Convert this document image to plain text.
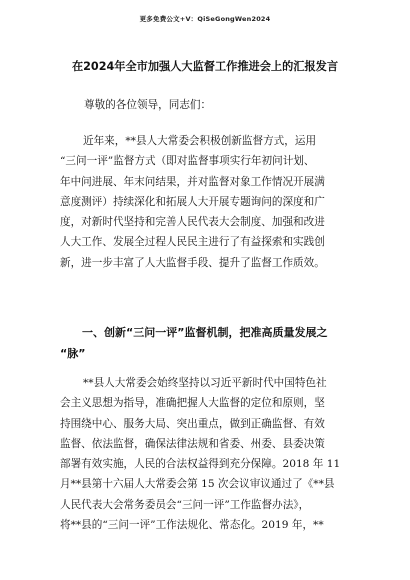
更多免费公文+V：QiSeGongWen2024
在2024年全市加强人大监督工作推进会上的汇报发言
尊敬的各位领导，同志们：
近年来，**县人大常委会积极创新监督方式，运用
“三问一评”监督方式（即对监督事项实行年初问计划、
年中问进展、年末问结果，并对监督对象工作情况开展满
意度测评）持续深化和拓展人大开展专题询问的深度和广
度，对新时代坚持和完善人民代表大会制度、加强和改进
人大工作、发展全过程人民民主进行了有益探索和实践创
新，进一步丰富了人大监督手段、提升了监督工作质效。
一、创新“三问一评”监督机制，把准高质量发展之
“脉”
**县人大常委会始终坚持以习近平新时代中国特色社
会主义思想为指导，准确把握人大监督的定位和原则，坚
持围绕中心、服务大局、突出重点，做到正确监督、有效
监督、依法监督，确保法律法规和省委、州委、县委决策
部署有效实施，人民的合法权益得到充分保障。2018 年 11
月**县第十六届人大常委会第 15 次会议审议通过了《**县
人民代表大会常务委员会“三问一评”工作监督办法》，
将**县的“三问一评”工作法规化、常态化。2019 年，**
